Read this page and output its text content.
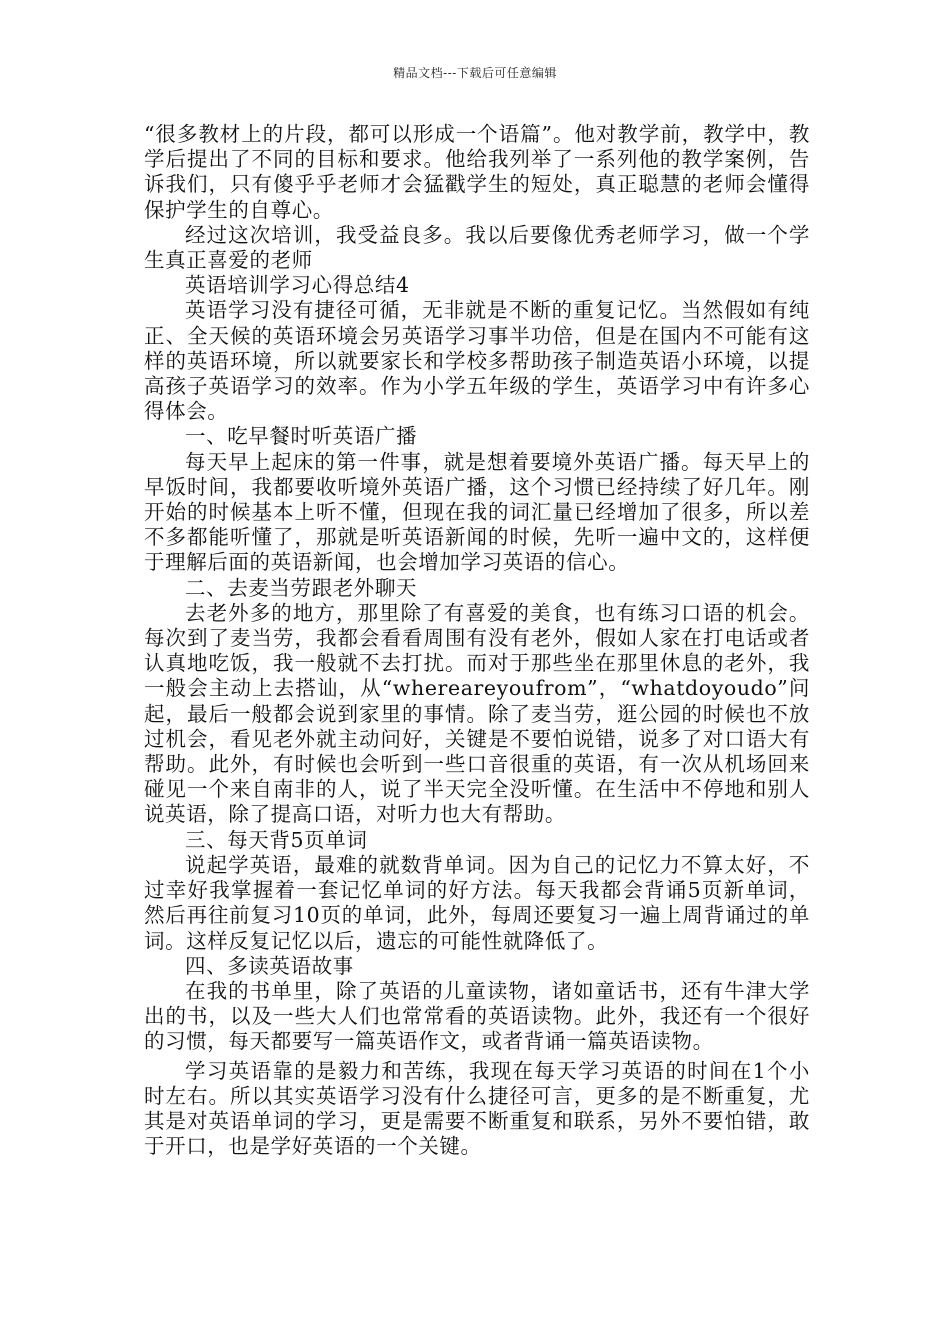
精品文档---下载后可任意编辑

“很多教材上的片段，都可以形成一个语篇”。他对教学前，教学中，教学后提出了不同的目标和要求。他给我列举了一系列他的教学案例，告诉我们，只有傻乎乎老师才会猛戳学生的短处，真正聪慧的老师会懂得保护学生的自尊心。

经过这次培训，我受益良多。我以后要像优秀老师学习，做一个学生真正喜爱的老师

英语培训学习心得总结4

英语学习没有捷径可循，无非就是不断的重复记忆。当然假如有纯正、全天候的英语环境会另英语学习事半功倍，但是在国内不可能有这样的英语环境，所以就要家长和学校多帮助孩子制造英语小环境，以提高孩子英语学习的效率。作为小学五年级的学生，英语学习中有许多心得体会。

一、吃早餐时听英语广播

每天早上起床的第一件事，就是想着要境外英语广播。每天早上的早饭时间，我都要收听境外英语广播，这个习惯已经持续了好几年。刚开始的时候基本上听不懂，但现在我的词汇量已经增加了很多，所以差不多都能听懂了，那就是听英语新闻的时候，先听一遍中文的，这样便于理解后面的英语新闻，也会增加学习英语的信心。

二、去麦当劳跟老外聊天

去老外多的地方，那里除了有喜爱的美食，也有练习口语的机会。每次到了麦当劳，我都会看看周围有没有老外，假如人家在打电话或者认真地吃饭，我一般就不去打扰。而对于那些坐在那里休息的老外，我一般会主动上去搭讪，从“whereareyoufrom”，“whatdoyoudo”问起，最后一般都会说到家里的事情。除了麦当劳，逛公园的时候也不放过机会，看见老外就主动问好，关键是不要怕说错，说多了对口语大有帮助。此外，有时候也会听到一些口音很重的英语，有一次从机场回来碰见一个来自南非的人，说了半天完全没听懂。在生活中不停地和别人说英语，除了提高口语，对听力也大有帮助。

三、每天背5页单词

说起学英语，最难的就数背单词。因为自己的记忆力不算太好，不过幸好我掌握着一套记忆单词的好方法。每天我都会背诵5页新单词，然后再往前复习10页的单词，此外，每周还要复习一遍上周背诵过的单词。这样反复记忆以后，遗忘的可能性就降低了。

四、多读英语故事

在我的书单里，除了英语的儿童读物，诸如童话书，还有牛津大学出的书，以及一些大人们也常常看的英语读物。此外，我还有一个很好的习惯，每天都要写一篇英语作文，或者背诵一篇英语读物。

学习英语靠的是毅力和苦练，我现在每天学习英语的时间在1个小时左右。所以其实英语学习没有什么捷径可言，更多的是不断重复，尤其是对英语单词的学习，更是需要不断重复和联系，另外不要怕错，敢于开口，也是学好英语的一个关键。
